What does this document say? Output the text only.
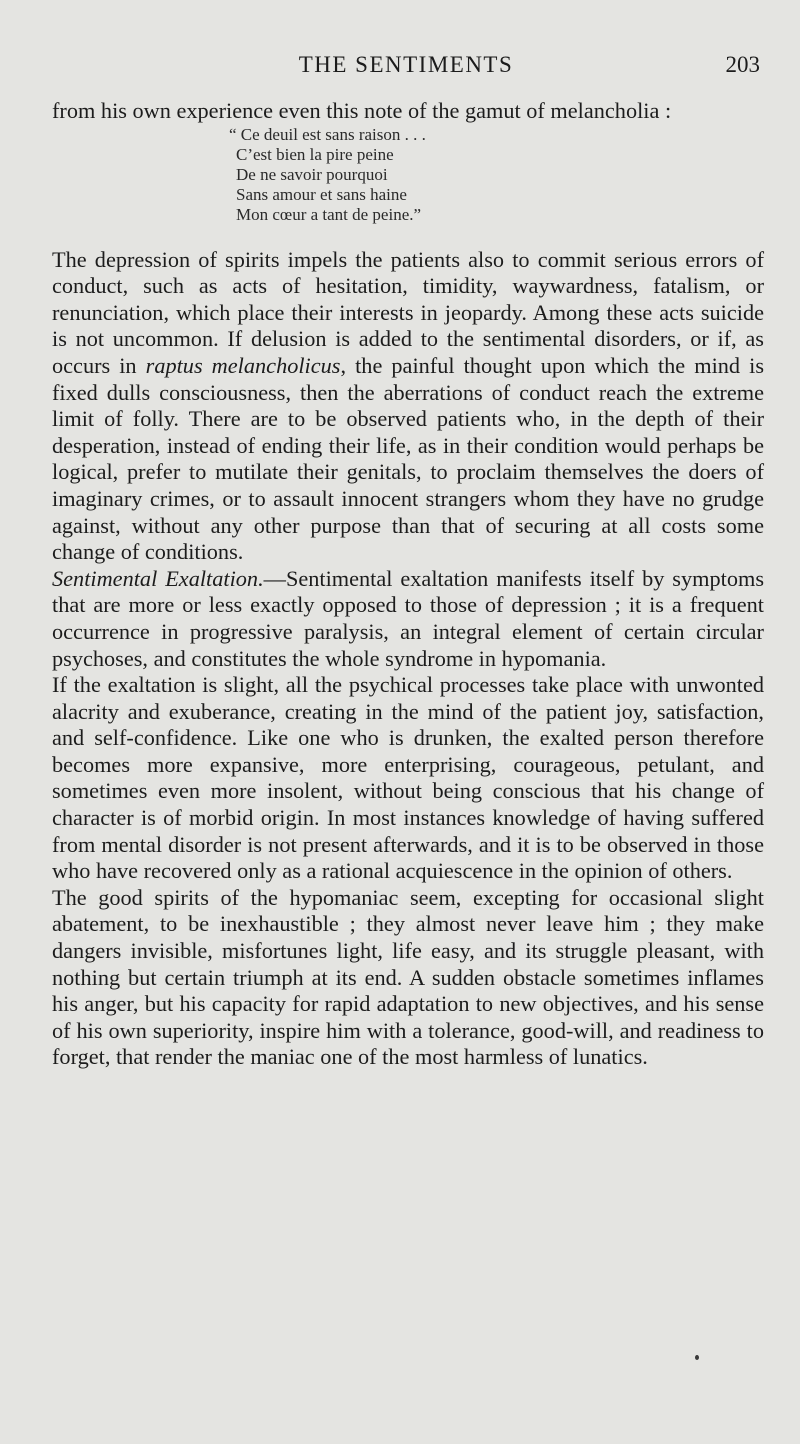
THE SENTIMENTS	203

from his own experience even this note of the gamut of melancholia :

“ Ce deuil est sans raison . . .
C’est bien la pire peine
De ne savoir pourquoi
Sans amour et sans haine
Mon cœur a tant de peine.”

The depression of spirits impels the patients also to commit serious errors of conduct, such as acts of hesitation, timidity, waywardness, fatalism, or renunciation, which place their interests in jeopardy. Among these acts suicide is not uncommon. If delusion is added to the sentimental disorders, or if, as occurs in raptus melancholicus, the painful thought upon which the mind is fixed dulls consciousness, then the aberrations of conduct reach the extreme limit of folly. There are to be observed patients who, in the depth of their desperation, instead of ending their life, as in their condition would perhaps be logical, prefer to mutilate their genitals, to proclaim themselves the doers of imaginary crimes, or to assault innocent strangers whom they have no grudge against, without any other purpose than that of securing at all costs some change of conditions.

Sentimental Exaltation.—Sentimental exaltation manifests itself by symptoms that are more or less exactly opposed to those of depression ; it is a frequent occurrence in progressive paralysis, an integral element of certain circular psychoses, and constitutes the whole syndrome in hypomania.

If the exaltation is slight, all the psychical processes take place with unwonted alacrity and exuberance, creating in the mind of the patient joy, satisfaction, and self-confidence. Like one who is drunken, the exalted person therefore becomes more expansive, more enterprising, courageous, petulant, and sometimes even more insolent, without being conscious that his change of character is of morbid origin. In most instances knowledge of having suffered from mental disorder is not present afterwards, and it is to be observed in those who have recovered only as a rational acquiescence in the opinion of others.

The good spirits of the hypomaniac seem, excepting for occasional slight abatement, to be inexhaustible ; they almost never leave him ; they make dangers invisible, misfortunes light, life easy, and its struggle pleasant, with nothing but certain triumph at its end. A sudden obstacle sometimes inflames his anger, but his capacity for rapid adaptation to new objectives, and his sense of his own superiority, inspire him with a tolerance, good-will, and readiness to forget, that render the maniac one of the most harmless of lunatics.
